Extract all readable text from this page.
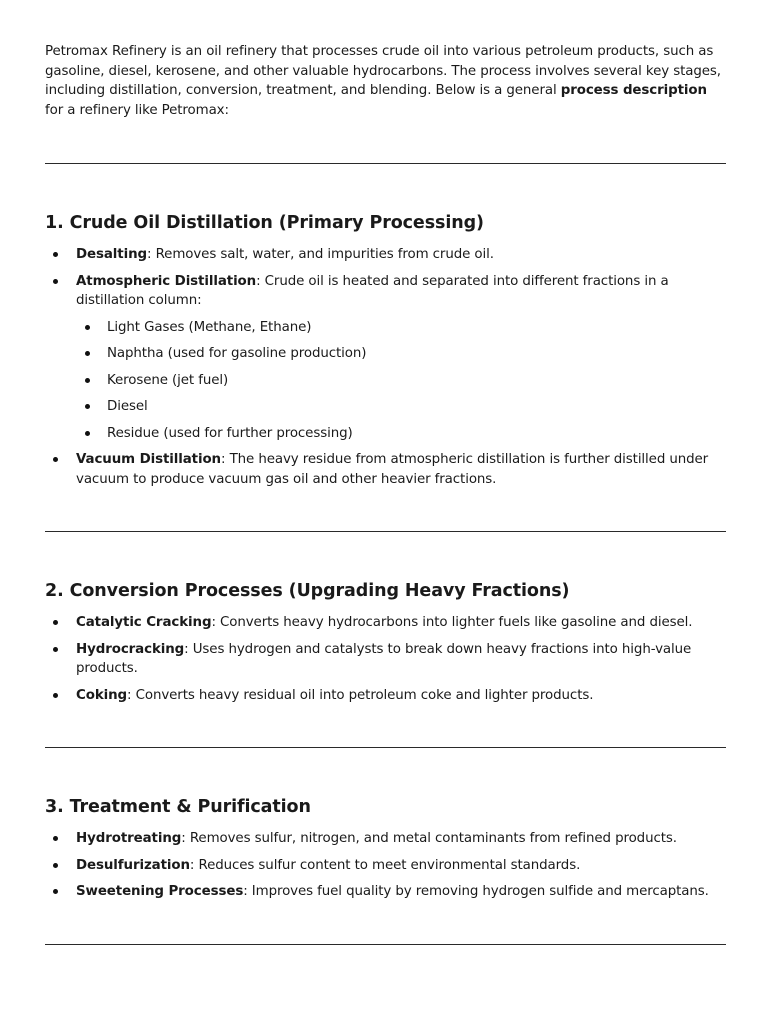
Petromax Refinery is an oil refinery that processes crude oil into various petroleum products, such as gasoline, diesel, kerosene, and other valuable hydrocarbons. The process involves several key stages, including distillation, conversion, treatment, and blending. Below is a general process description for a refinery like Petromax:

1. Crude Oil Distillation (Primary Processing)
Desalting: Removes salt, water, and impurities from crude oil.
Atmospheric Distillation: Crude oil is heated and separated into different fractions in a distillation column:
Light Gases (Methane, Ethane)
Naphtha (used for gasoline production)
Kerosene (jet fuel)
Diesel
Residue (used for further processing)
Vacuum Distillation: The heavy residue from atmospheric distillation is further distilled under vacuum to produce vacuum gas oil and other heavier fractions.
2. Conversion Processes (Upgrading Heavy Fractions)
Catalytic Cracking: Converts heavy hydrocarbons into lighter fuels like gasoline and diesel.
Hydrocracking: Uses hydrogen and catalysts to break down heavy fractions into high-value products.
Coking: Converts heavy residual oil into petroleum coke and lighter products.
3. Treatment & Purification
Hydrotreating: Removes sulfur, nitrogen, and metal contaminants from refined products.
Desulfurization: Reduces sulfur content to meet environmental standards.
Sweetening Processes: Improves fuel quality by removing hydrogen sulfide and mercaptans.
